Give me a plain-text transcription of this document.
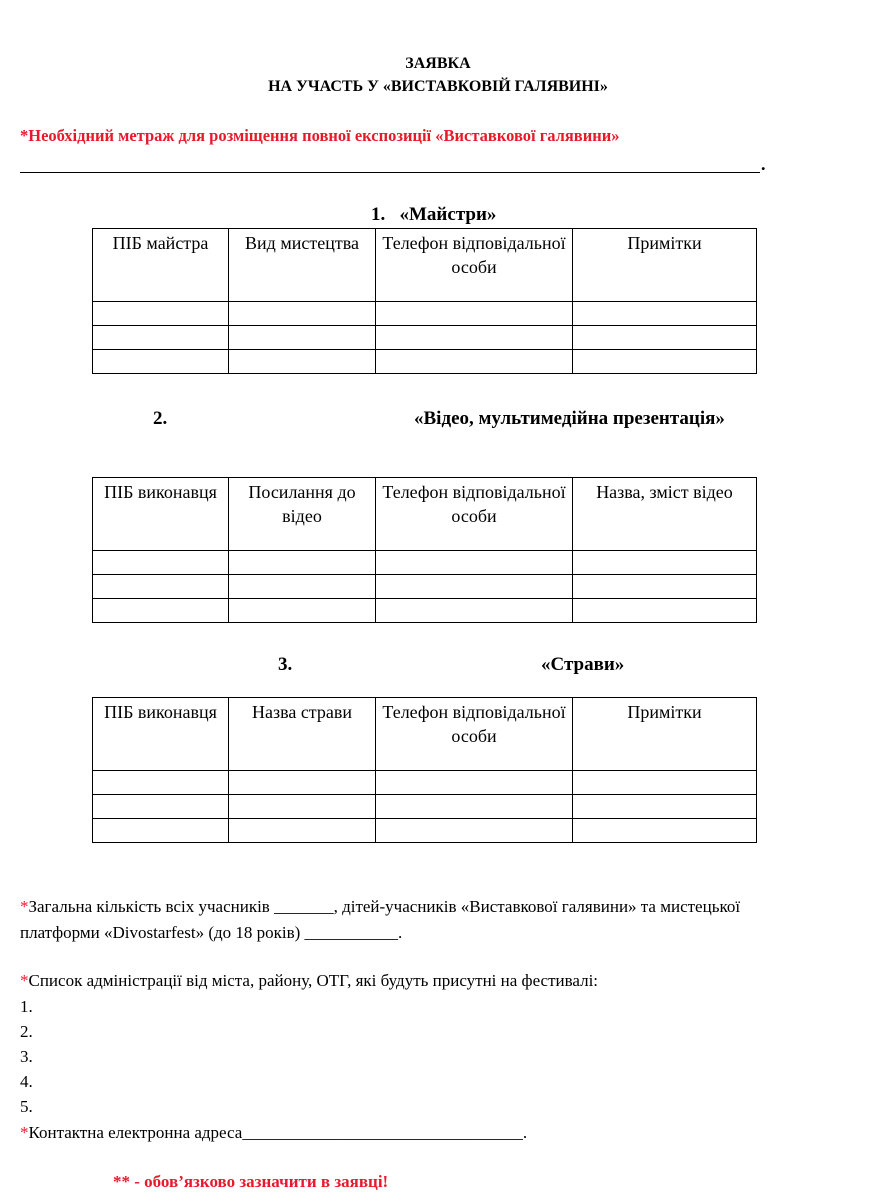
ЗАЯВКА
НА УЧАСТЬ У «ВИСТАВКОВІЙ ГАЛЯВИНІ»
*Необхідний метраж для розміщення повної експозиції «Виставкової галявини»
.
1. «Майстри»
ПІБ майстра	Вид мистецтва	Телефон відповідальної особи	Примітки

2.	«Відео, мультимедійна презентація»
ПІБ виконавця	Посилання до відео	Телефон відповідальної особи	Назва, зміст відео

3.	«Страви»
ПІБ виконавця	Назва страви	Телефон відповідальної особи	Примітки

*Загальна кількість всіх учасників _______, дітей-учасників «Виставкової галявини» та мистецької
платформи «Divostarfest» (до 18 років) ___________.
*Список адміністрації від міста, району, ОТГ, які будуть присутні на фестивалі:
1.
2.
3.
4.
5.
*Контактна електронна адреса_________________________________.
** - обов’язково зазначити в заявці!
